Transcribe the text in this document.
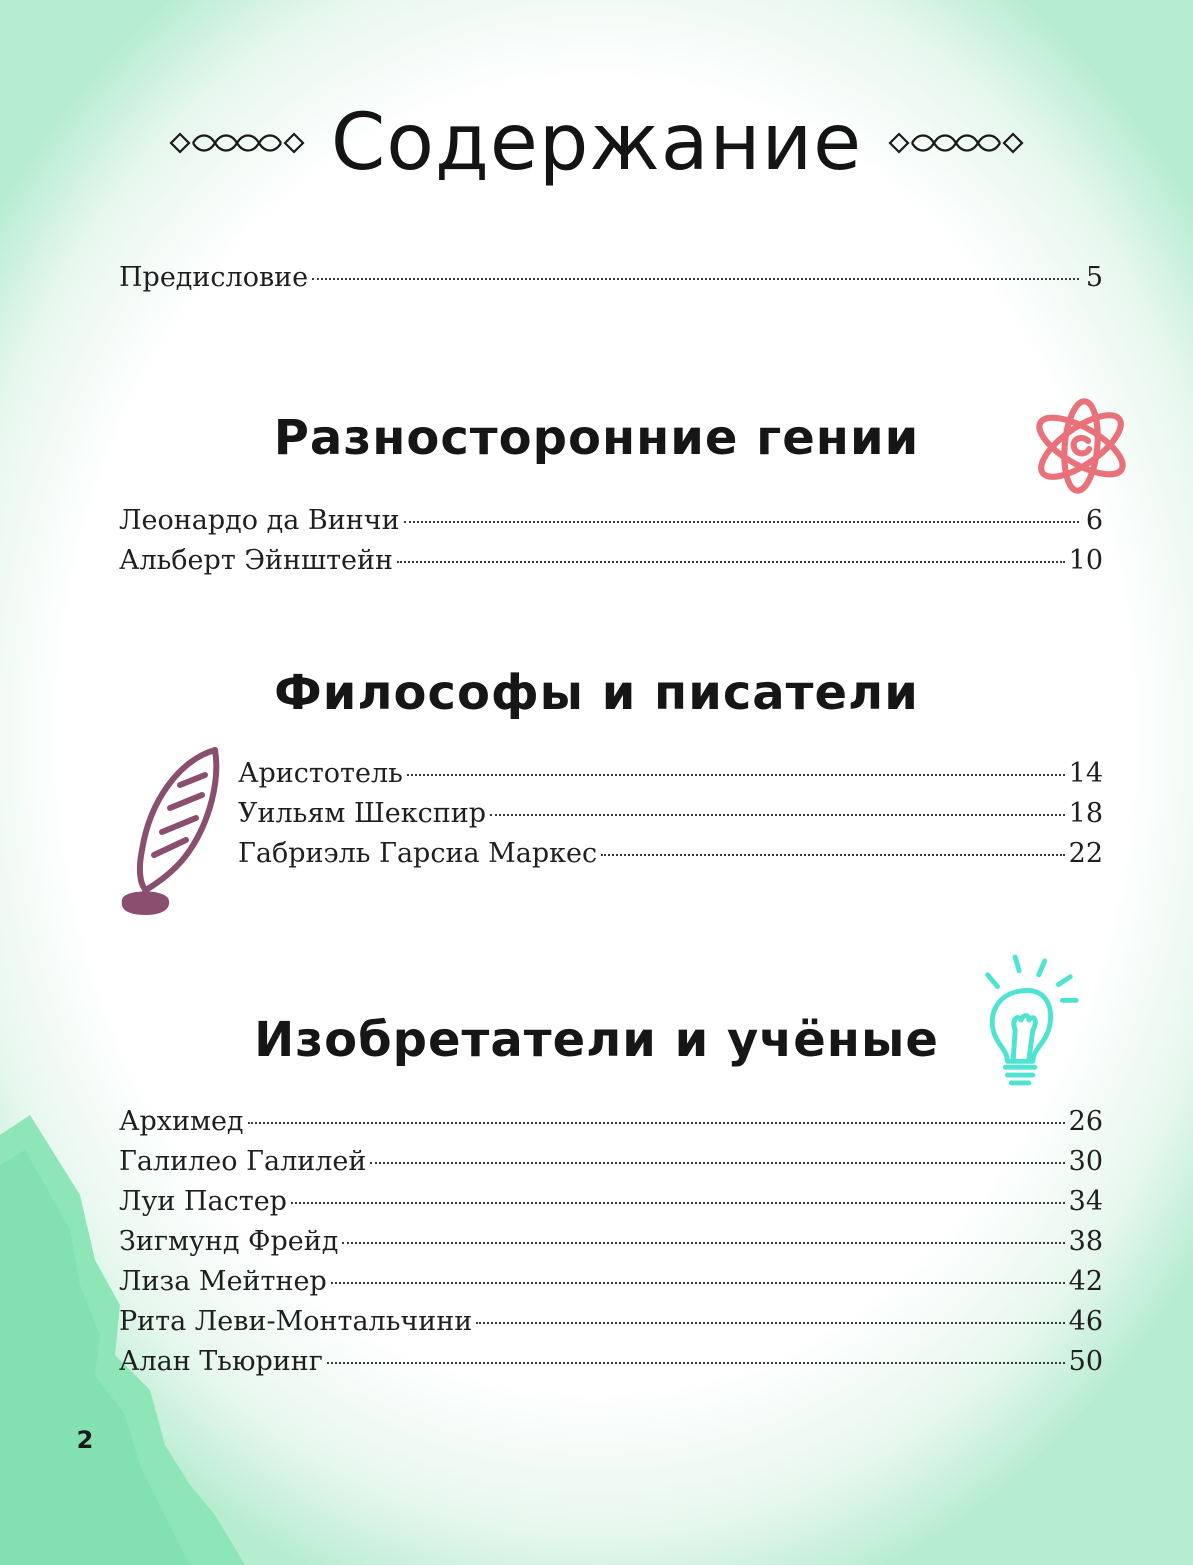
2
Содержание
Предисловие	5
Разносторонние гении
Леонардо да Винчи	6
Альберт Эйнштейн	10
Философы и писатели
Аристотель	14
Уильям Шекспир	18
Габриэль Гарсиа Маркес	22
Изобретатели и учёные
Архимед	26
Галилео Галилей	30
Луи Пастер	34
Зигмунд Фрейд	38
Лиза Мейтнер	42
Рита Леви-Монтальчини	46
Алан Тьюринг	50
